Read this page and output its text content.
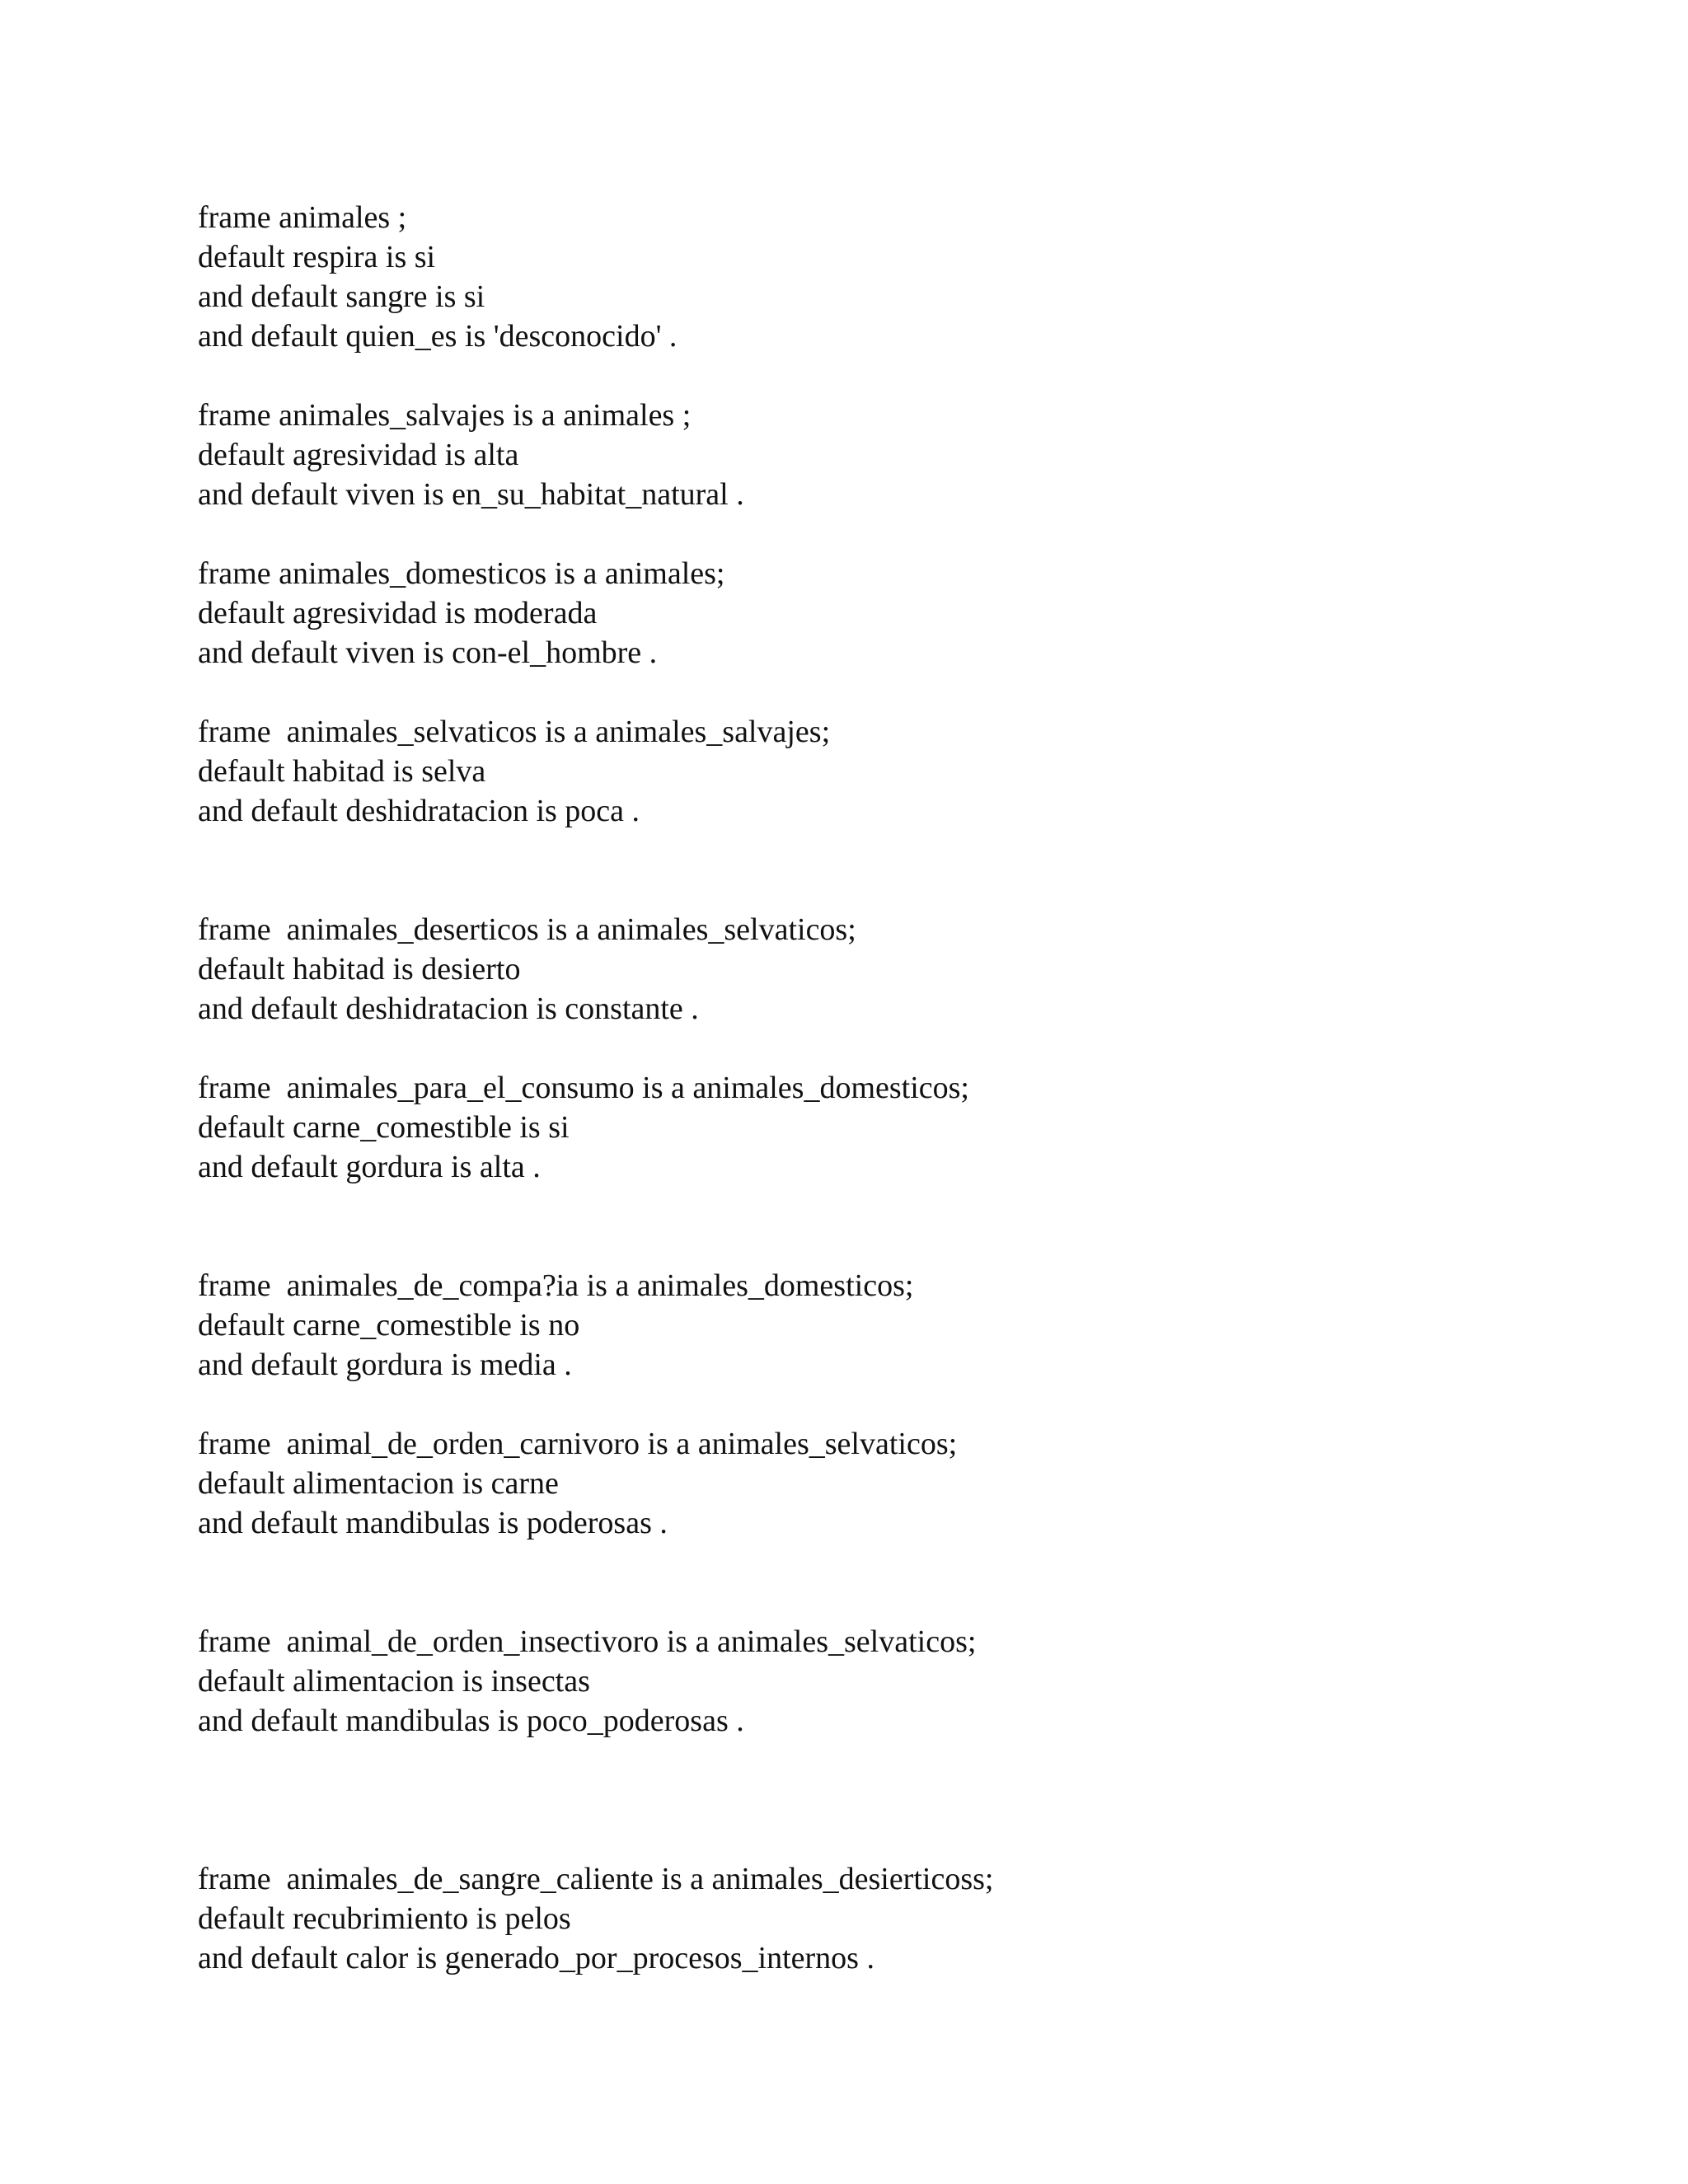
frame animales ;
default respira is si
and default sangre is si
and default quien_es is 'desconocido' .
frame animales_salvajes is a animales ;
default agresividad is alta
and default viven is en_su_habitat_natural .
frame animales_domesticos is a animales;
default agresividad is moderada
and default viven is con-el_hombre .
frame  animales_selvaticos is a animales_salvajes;
default habitad is selva
and default deshidratacion is poca .
frame  animales_deserticos is a animales_selvaticos;
default habitad is desierto
and default deshidratacion is constante .
frame  animales_para_el_consumo is a animales_domesticos;
default carne_comestible is si
and default gordura is alta .
frame  animales_de_compa?ia is a animales_domesticos;
default carne_comestible is no
and default gordura is media .
frame  animal_de_orden_carnivoro is a animales_selvaticos;
default alimentacion is carne
and default mandibulas is poderosas .
frame  animal_de_orden_insectivoro is a animales_selvaticos;
default alimentacion is insectas
and default mandibulas is poco_poderosas .
frame  animales_de_sangre_caliente is a animales_desierticoss;
default recubrimiento is pelos
and default calor is generado_por_procesos_internos .
